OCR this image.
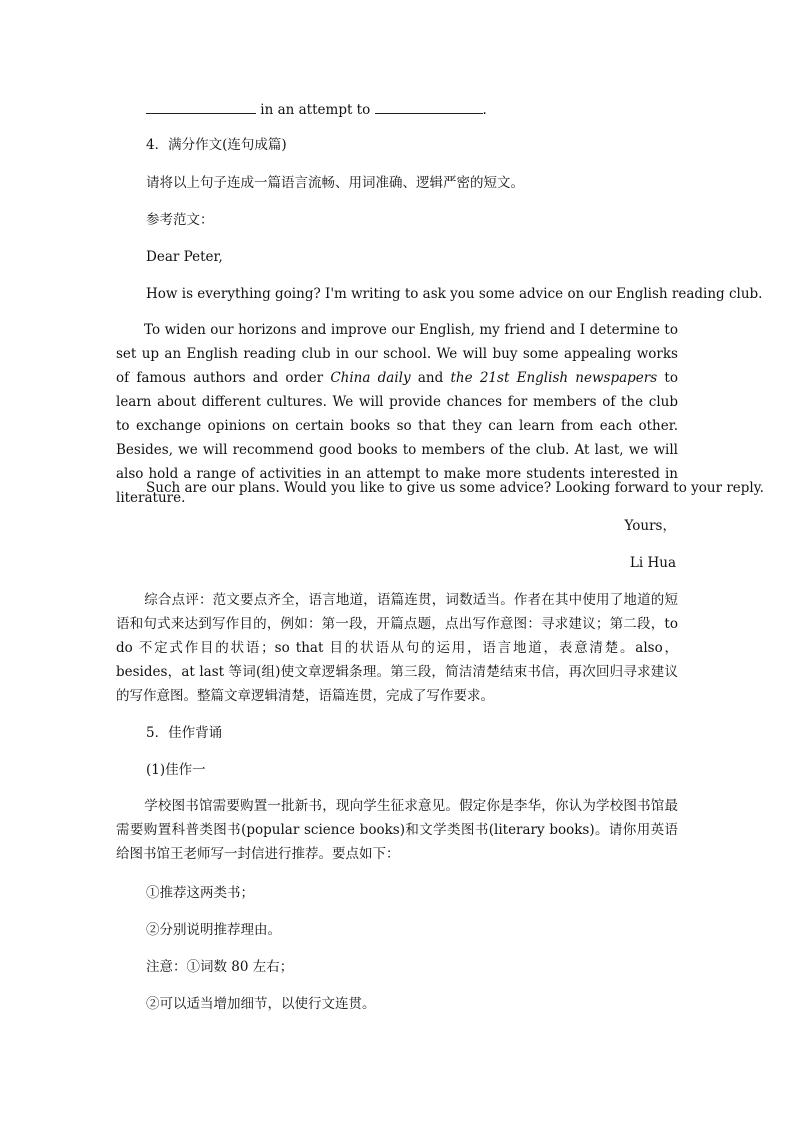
in an attempt to	.
4．满分作文(连句成篇)
请将以上句子连成一篇语言流畅、用词准确、逻辑严密的短文。
参考范文：
Dear Peter,
How is everything going? I'm writing to ask you some advice on our English reading club.
To widen our horizons and improve our English, my friend and I determine to set up an English reading club in our school. We will buy some appealing works of famous authors and order China daily and the 21st English newspapers to learn about different cultures. We will provide chances for members of the club to exchange opinions on certain books so that they can learn from each other. Besides, we will recommend good books to members of the club. At last, we will also hold a range of activities in an attempt to make more students interested in literature.
Such are our plans. Would you like to give us some advice? Looking forward to your reply.
Yours，
Li Hua
综合点评：范文要点齐全，语言地道，语篇连贯，词数适当。作者在其中使用了地道的短语和句式来达到写作目的，例如：第一段，开篇点题，点出写作意图：寻求建议；第二段，to do 不定式作目的状语；so that 目的状语从句的运用，语言地道，表意清楚。also，besides，at last 等词(组)使文章逻辑条理。第三段，简洁清楚结束书信，再次回归寻求建议的写作意图。整篇文章逻辑清楚，语篇连贯，完成了写作要求。
5．佳作背诵
(1)佳作一
学校图书馆需要购置一批新书，现向学生征求意见。假定你是李华，你认为学校图书馆最需要购置科普类图书(popular science books)和文学类图书(literary books)。请你用英语给图书馆王老师写一封信进行推荐。要点如下：
①推荐这两类书；
②分别说明推荐理由。
注意：①词数 80 左右；
②可以适当增加细节，以使行文连贯。
